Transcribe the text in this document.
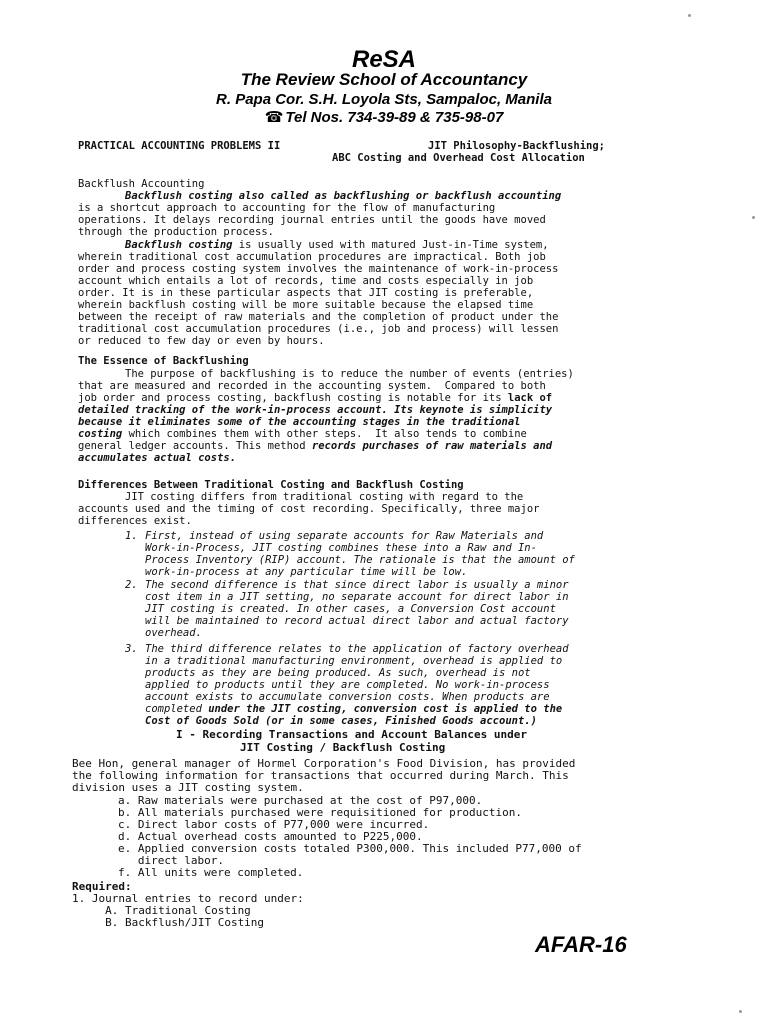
ReSA
The Review School of Accountancy
R. Papa Cor. S.H. Loyola Sts, Sampaloc, Manila
☎ Tel Nos. 734-39-89 & 735-98-07
PRACTICAL ACCOUNTING PROBLEMS II	JIT Philosophy-Backflushing;
ABC Costing and Overhead Cost Allocation
Backflush Accounting
Backflush costing also called as backflushing or backflush accounting
is a shortcut approach to accounting for the flow of manufacturing
operations. It delays recording journal entries until the goods have moved
through the production process.
Backflush costing is usually used with matured Just-in-Time system,
wherein traditional cost accumulation procedures are impractical. Both job
order and process costing system involves the maintenance of work-in-process
account which entails a lot of records, time and costs especially in job
order. It is in these particular aspects that JIT costing is preferable,
wherein backflush costing will be more suitable because the elapsed time
between the receipt of raw materials and the completion of product under the
traditional cost accumulation procedures (i.e., job and process) will lessen
or reduced to few day or even by hours.
The Essence of Backflushing
The purpose of backflushing is to reduce the number of events (entries)
that are measured and recorded in the accounting system.  Compared to both
job order and process costing, backflush costing is notable for its lack of
detailed tracking of the work-in-process account. Its keynote is simplicity
because it eliminates some of the accounting stages in the traditional
costing which combines them with other steps.  It also tends to combine
general ledger accounts. This method records purchases of raw materials and
accumulates actual costs.
Differences Between Traditional Costing and Backflush Costing
JIT costing differs from traditional costing with regard to the
accounts used and the timing of cost recording. Specifically, three major
differences exist.
1. First, instead of using separate accounts for Raw Materials and
Work-in-Process, JIT costing combines these into a Raw and In-
Process Inventory (RIP) account. The rationale is that the amount of
work-in-process at any particular time will be low.
2. The second difference is that since direct labor is usually a minor
cost item in a JIT setting, no separate account for direct labor in
JIT costing is created. In other cases, a Conversion Cost account
will be maintained to record actual direct labor and actual factory
overhead.
3. The third difference relates to the application of factory overhead
in a traditional manufacturing environment, overhead is applied to
products as they are being produced. As such, overhead is not
applied to products until they are completed. No work-in-process
account exists to accumulate conversion costs. When products are
completed under the JIT costing, conversion cost is applied to the
Cost of Goods Sold (or in some cases, Finished Goods account.)
I - Recording Transactions and Account Balances under
JIT Costing / Backflush Costing
Bee Hon, general manager of Hormel Corporation's Food Division, has provided
the following information for transactions that occurred during March. This
division uses a JIT costing system.
a. Raw materials were purchased at the cost of P97,000.
b. All materials purchased were requisitioned for production.
c. Direct labor costs of P77,000 were incurred.
d. Actual overhead costs amounted to P225,000.
e. Applied conversion costs totaled P300,000. This included P77,000 of
direct labor.
f. All units were completed.
Required:
1. Journal entries to record under:
A. Traditional Costing
B. Backflush/JIT Costing
AFAR-16
